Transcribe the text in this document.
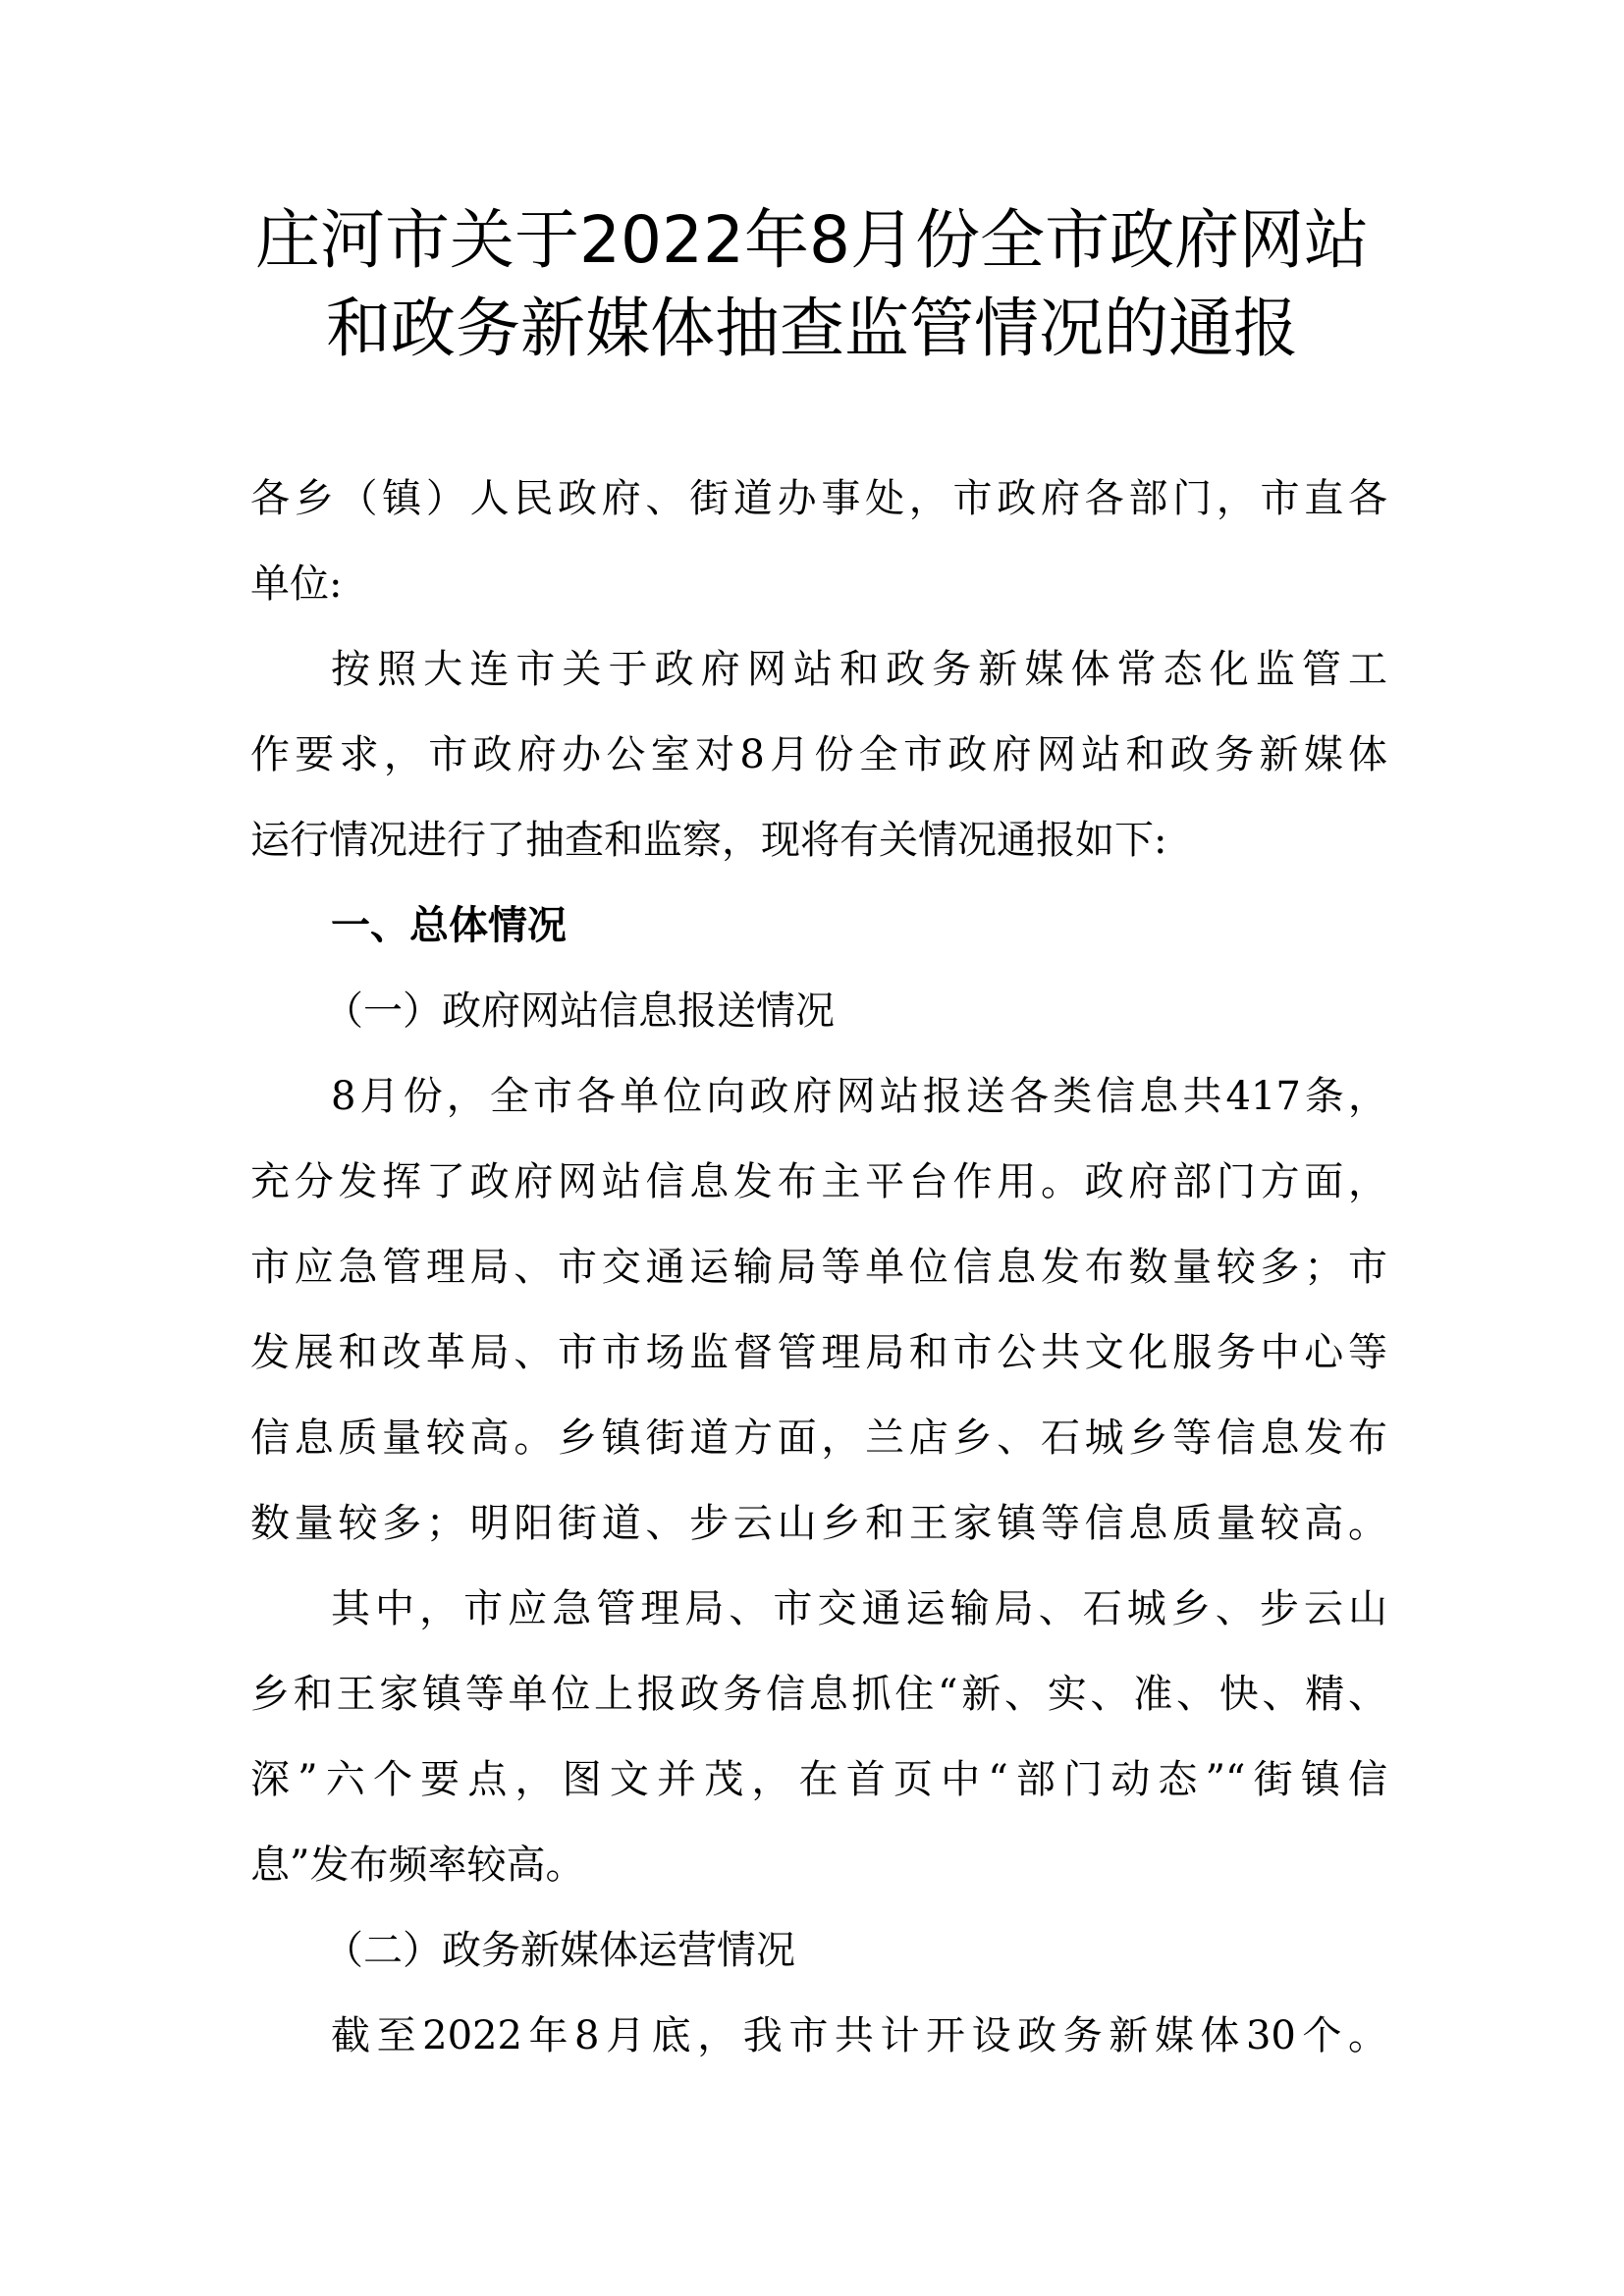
庄河市关于2022年8月份全市政府网站
和政务新媒体抽查监管情况的通报
各乡（镇）人民政府、街道办事处，市政府各部门，市直各
单位:
按照大连市关于政府网站和政务新媒体常态化监管工
作要求，市政府办公室对8月份全市政府网站和政务新媒体
运行情况进行了抽查和监察，现将有关情况通报如下:
一、总体情况
（一）政府网站信息报送情况
8月份，全市各单位向政府网站报送各类信息共417条，
充分发挥了政府网站信息发布主平台作用。政府部门方面，
市应急管理局、市交通运输局等单位信息发布数量较多；市
发展和改革局、市市场监督管理局和市公共文化服务中心等
信息质量较高。乡镇街道方面，兰店乡、石城乡等信息发布
数量较多；明阳街道、步云山乡和王家镇等信息质量较高。
其中，市应急管理局、市交通运输局、石城乡、步云山
乡和王家镇等单位上报政务信息抓住“新、实、准、快、精、
深”六个要点，图文并茂，在首页中“部门动态”“街镇信
息”发布频率较高。
（二）政务新媒体运营情况
截至2022年8月底，我市共计开设政务新媒体30个。
